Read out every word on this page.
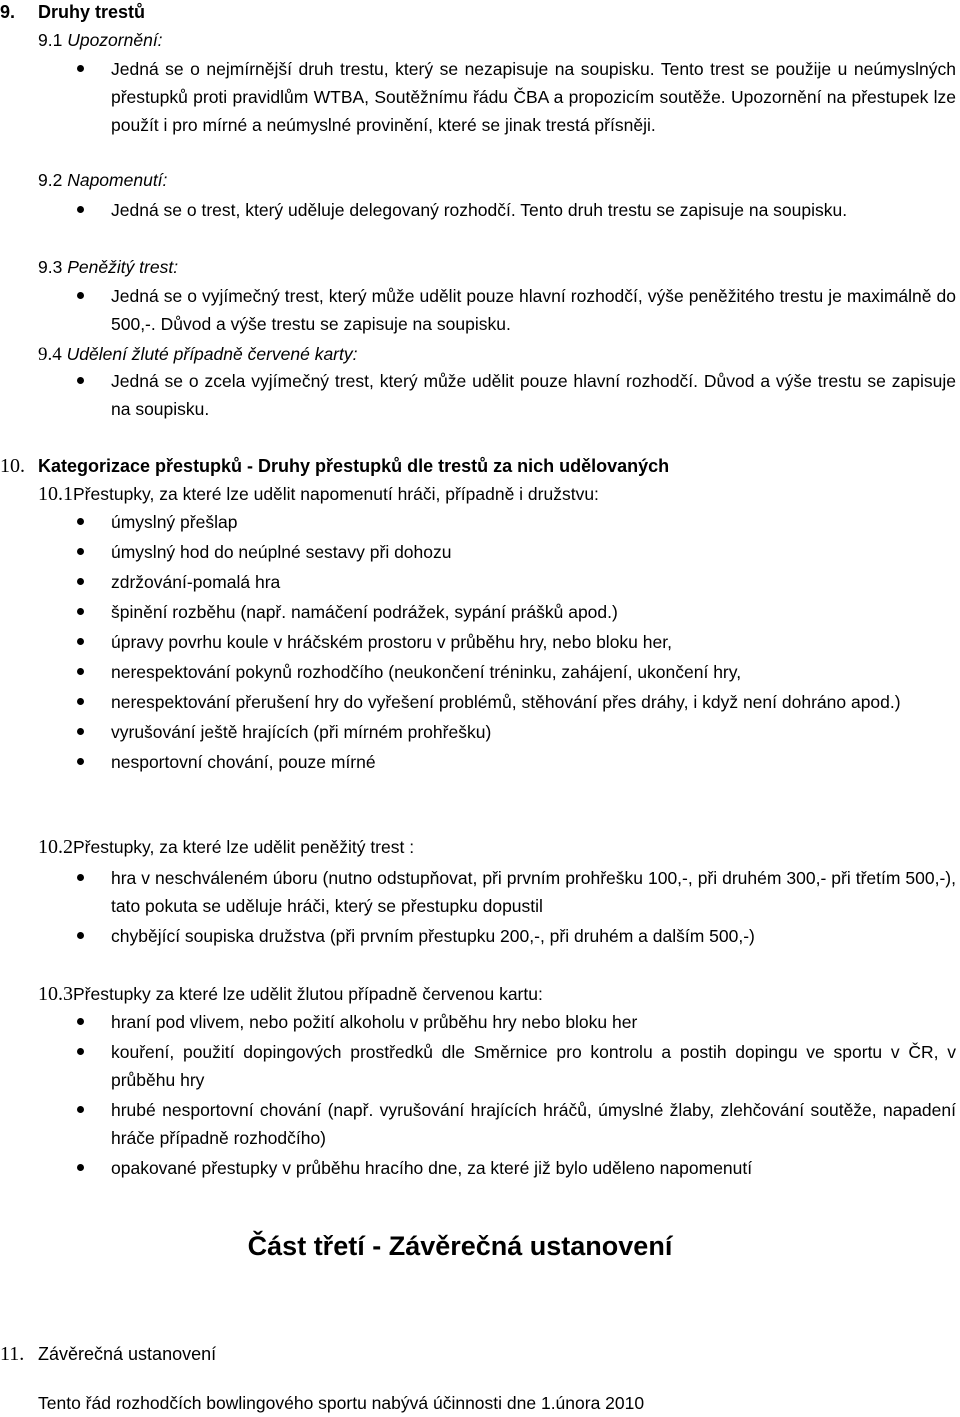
9. Druhy trestů
9.1 Upozornění:
Jedná se o nejmírnější druh trestu, který se nezapisuje na soupisku. Tento trest se použije u neúmyslných přestupků proti pravidlům WTBA, Soutěžnímu řádu ČBA a propozicím soutěže. Upozornění na přestupek lze použít i pro mírné a neúmyslné provinění, které se jinak trestá přísněji.
9.2 Napomenutí:
Jedná se o trest, který uděluje delegovaný rozhodčí. Tento druh trestu se zapisuje na soupisku.
9.3 Peněžitý trest:
Jedná se o vyjímečný trest, který může udělit pouze hlavní rozhodčí, výše peněžitého trestu je maximálně do 500,-. Důvod a výše trestu se zapisuje na soupisku.
9.4 Udělení žluté případně červené karty:
Jedná se o zcela vyjímečný trest, který může udělit pouze hlavní rozhodčí. Důvod a výše trestu se zapisuje na soupisku.
10. Kategorizace přestupků - Druhy přestupků dle trestů za nich udělovaných
10.1Přestupky, za které lze udělit napomenutí hráči, případně i družstvu:
úmyslný přešlap
úmyslný hod do neúplné sestavy při dohozu
zdržování-pomalá hra
špinění rozběhu (např. namáčení podrážek, sypání prášků apod.)
úpravy povrhu koule v hráčském prostoru v průběhu hry, nebo bloku her,
nerespektování pokynů rozhodčího (neukončení tréninku, zahájení, ukončení hry,
nerespektování přerušení hry do vyřešení problémů, stěhování přes dráhy, i když není dohráno apod.)
vyrušování ještě hrajících (při mírném prohřešku)
nesportovní chování, pouze mírné
10.2Přestupky, za které lze udělit peněžitý trest :
hra v neschváleném úboru (nutno odstupňovat, při prvním prohřešku 100,-, při druhém 300,- při třetím 500,-), tato pokuta se uděluje hráči, který se přestupku dopustil
chybějící soupiska družstva (při prvním přestupku 200,-, při druhém a dalším 500,-)
10.3Přestupky za které lze udělit žlutou případně červenou kartu:
hraní pod vlivem, nebo požití alkoholu v průběhu hry nebo bloku her
kouření, použití dopingových prostředků dle Směrnice pro kontrolu a postih dopingu ve sportu v ČR, v průběhu hry
hrubé nesportovní chování (např. vyrušování hrajících hráčů, úmyslné žlaby, zlehčování soutěže, napadení hráče případně rozhodčího)
opakované přestupky v průběhu hracího dne, za které již bylo uděleno napomenutí
Část třetí - Závěrečná ustanovení
11. Závěrečná ustanovení
Tento řád rozhodčích bowlingového sportu nabývá účinnosti dne 1.února 2010
